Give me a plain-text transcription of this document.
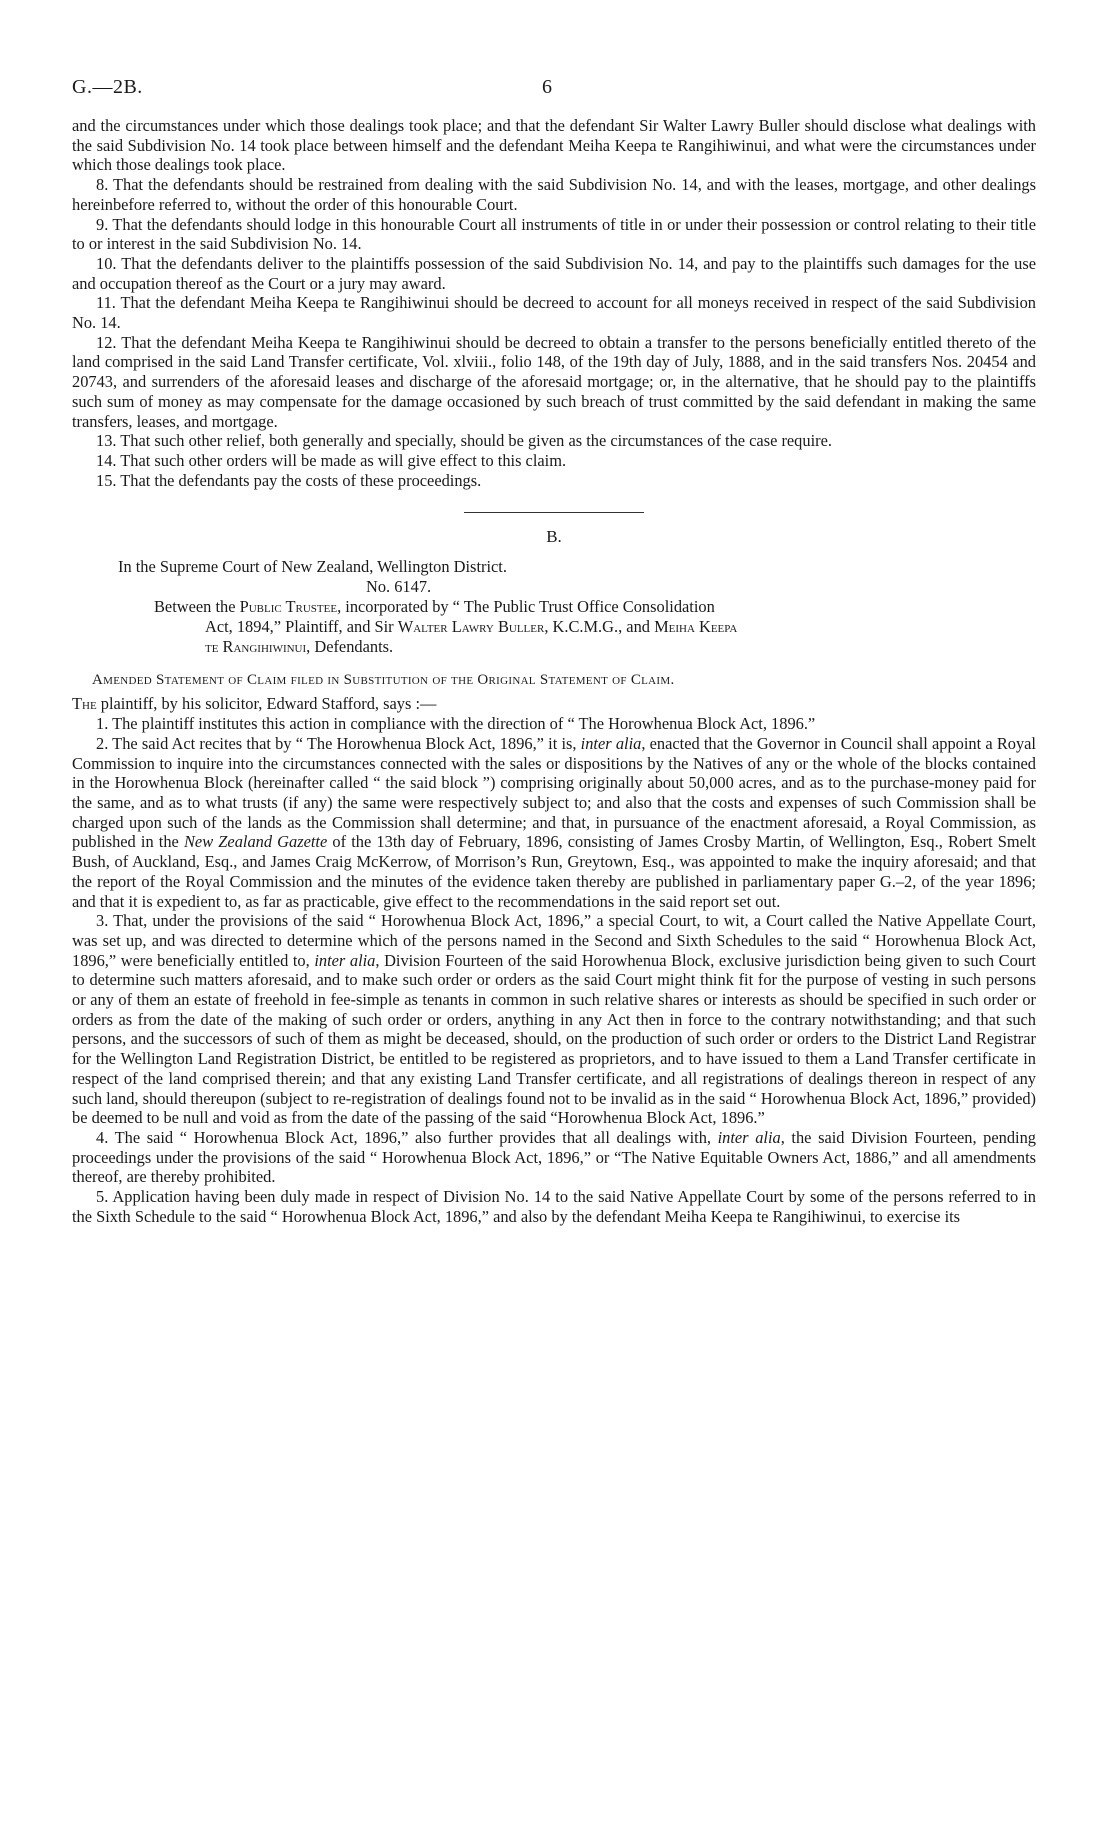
G.—2B.	6

and the circumstances under which those dealings took place; and that the defendant Sir Walter Lawry Buller should disclose what dealings with the said Subdivision No. 14 took place between himself and the defendant Meiha Keepa te Rangihiwinui, and what were the circumstances under which those dealings took place.

8. That the defendants should be restrained from dealing with the said Subdivision No. 14, and with the leases, mortgage, and other dealings hereinbefore referred to, without the order of this honourable Court.

9. That the defendants should lodge in this honourable Court all instruments of title in or under their possession or control relating to their title to or interest in the said Subdivision No. 14.

10. That the defendants deliver to the plaintiffs possession of the said Subdivision No. 14, and pay to the plaintiffs such damages for the use and occupation thereof as the Court or a jury may award.

11. That the defendant Meiha Keepa te Rangihiwinui should be decreed to account for all moneys received in respect of the said Subdivision No. 14.

12. That the defendant Meiha Keepa te Rangihiwinui should be decreed to obtain a transfer to the persons beneficially entitled thereto of the land comprised in the said Land Transfer certificate, Vol. xlviii., folio 148, of the 19th day of July, 1888, and in the said transfers Nos. 20454 and 20743, and surrenders of the aforesaid leases and discharge of the aforesaid mortgage; or, in the alternative, that he should pay to the plaintiffs such sum of money as may compensate for the damage occasioned by such breach of trust committed by the said defendant in making the same transfers, leases, and mortgage.

13. That such other relief, both generally and specially, should be given as the circumstances of the case require.

14. That such other orders will be made as will give effect to this claim.

15. That the defendants pay the costs of these proceedings.

B.
In the Supreme Court of New Zealand, Wellington District.
No. 6147.
Between the Public Trustee, incorporated by “ The Public Trust Office Consolidation
Act, 1894,” Plaintiff, and Sir Walter Lawry Buller, K.C.M.G., and Meiha Keepa
te Rangihiwinui, Defendants.
Amended Statement of Claim filed in Substitution of the Original Statement of Claim.

The plaintiff, by his solicitor, Edward Stafford, says :—

1. The plaintiff institutes this action in compliance with the direction of “ The Horowhenua Block Act, 1896.”

2. The said Act recites that by “ The Horowhenua Block Act, 1896,” it is, inter alia, enacted that the Governor in Council shall appoint a Royal Commission to inquire into the circumstances connected with the sales or dispositions by the Natives of any or the whole of the blocks contained in the Horowhenua Block (hereinafter called “ the said block ”) comprising originally about 50,000 acres, and as to the purchase-money paid for the same, and as to what trusts (if any) the same were respectively subject to; and also that the costs and expenses of such Commission shall be charged upon such of the lands as the Commission shall determine; and that, in pursuance of the enactment aforesaid, a Royal Commission, as published in the New Zealand Gazette of the 13th day of February, 1896, consisting of James Crosby Martin, of Wellington, Esq., Robert Smelt Bush, of Auckland, Esq., and James Craig McKerrow, of Morrison’s Run, Greytown, Esq., was appointed to make the inquiry aforesaid; and that the report of the Royal Commission and the minutes of the evidence taken thereby are published in parliamentary paper G.–2, of the year 1896; and that it is expedient to, as far as practicable, give effect to the recommendations in the said report set out.

3. That, under the provisions of the said “ Horowhenua Block Act, 1896,” a special Court, to wit, a Court called the Native Appellate Court, was set up, and was directed to determine which of the persons named in the Second and Sixth Schedules to the said “ Horowhenua Block Act, 1896,” were beneficially entitled to, inter alia, Division Fourteen of the said Horowhenua Block, exclusive jurisdiction being given to such Court to determine such matters aforesaid, and to make such order or orders as the said Court might think fit for the purpose of vesting in such persons or any of them an estate of freehold in fee-simple as tenants in common in such relative shares or interests as should be specified in such order or orders as from the date of the making of such order or orders, anything in any Act then in force to the contrary notwithstanding; and that such persons, and the successors of such of them as might be deceased, should, on the production of such order or orders to the District Land Registrar for the Wellington Land Registration District, be entitled to be registered as proprietors, and to have issued to them a Land Transfer certificate in respect of the land comprised therein; and that any existing Land Transfer certificate, and all registrations of dealings thereon in respect of any such land, should thereupon (subject to re-registration of dealings found not to be invalid as in the said “ Horowhenua Block Act, 1896,” provided) be deemed to be null and void as from the date of the passing of the said “Horowhenua Block Act, 1896.”

4. The said “ Horowhenua Block Act, 1896,” also further provides that all dealings with, inter alia, the said Division Fourteen, pending proceedings under the provisions of the said “ Horowhenua Block Act, 1896,” or “The Native Equitable Owners Act, 1886,” and all amendments thereof, are thereby prohibited.

5. Application having been duly made in respect of Division No. 14 to the said Native Appellate Court by some of the persons referred to in the Sixth Schedule to the said “ Horowhenua Block Act, 1896,” and also by the defendant Meiha Keepa te Rangihiwinui, to exercise its
